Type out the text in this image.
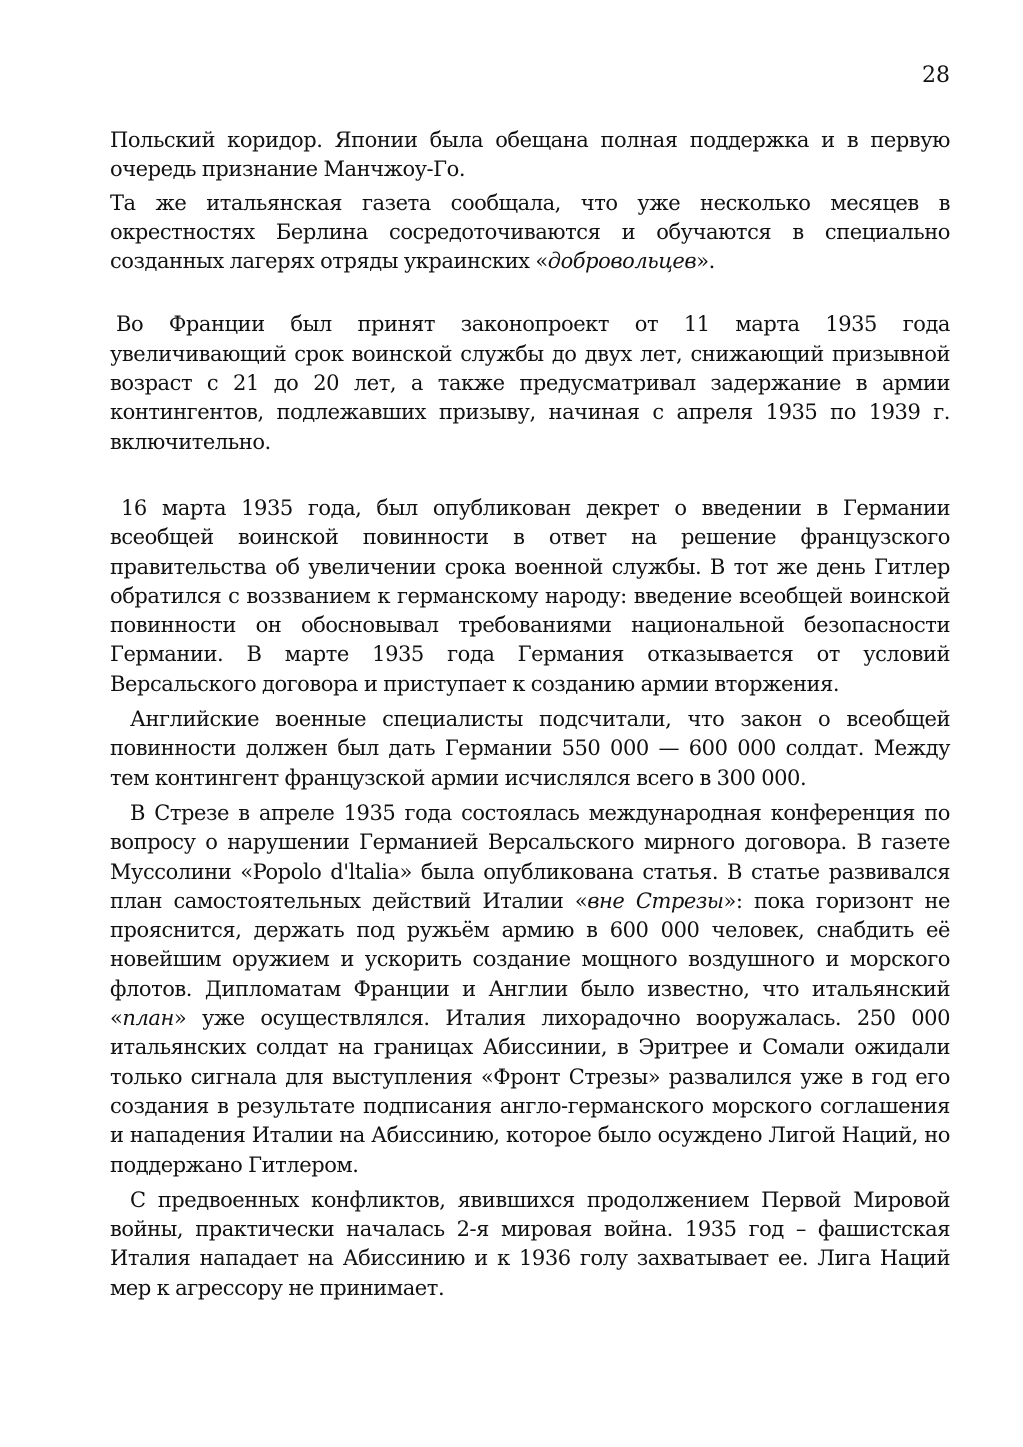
28

Польский коридор. Японии была обещана полная поддержка и в первую очередь признание Манчжоу-Го.

Та же итальянская газета сообщала, что уже несколько месяцев в окрестностях Берлина сосредоточиваются и обучаются в специально созданных лагерях отряды украинских «добровольцев».

Во Франции был принят законопроект от 11 марта 1935 года увеличивающий срок воинской службы до двух лет, снижающий призывной возраст с 21 до 20 лет, а также предусматривал задержание в армии контингентов, подлежавших призыву, начиная с апреля 1935 по 1939 г. включительно.

16 марта 1935 года, был опубликован декрет о введении в Германии всеобщей воинской повинности в ответ на решение французского правительства об увеличении срока военной службы. В тот же день Гитлер обратился с воззванием к германскому народу: введение всеобщей воинской повинности он обосновывал требованиями национальной безопасности Германии. В марте 1935 года Германия отказывается от условий Версальского договора и приступает к созданию армии вторжения.

Английские военные специалисты подсчитали, что закон о всеобщей повинности должен был дать Германии 550 000 — 600 000 солдат. Между тем контингент французской армии исчислялся всего в 300 000.

В Стрезе в апреле 1935 года состоялась международная конференция по вопросу о нарушении Германией Версальского мирного договора. В газете Муссолини «Popolo d'ltalia» была опубликована статья. В статье развивался план самостоятельных действий Италии «вне Стрезы»: пока горизонт не прояснится, держать под ружьём армию в 600 000 человек, снабдить её новейшим оружием и ускорить создание мощного воздушного и морского флотов. Дипломатам Франции и Англии было известно, что итальянский «план» уже осуществлялся. Италия лихорадочно вооружалась. 250 000 итальянских солдат на границах Абиссинии, в Эритрее и Сомали ожидали только сигнала для выступления «Фронт Стрезы» развалился уже в год его создания в результате подписания англо-германского морского соглашения и нападения Италии на Абиссинию, которое было осуждено Лигой Наций, но поддержано Гитлером.

С предвоенных конфликтов, явившихся продолжением Первой Мировой войны, практически началась 2-я мировая война. 1935 год – фашистская Италия нападает на Абиссинию и к 1936 голу захватывает ее. Лига Наций мер к агрессору не принимает.
